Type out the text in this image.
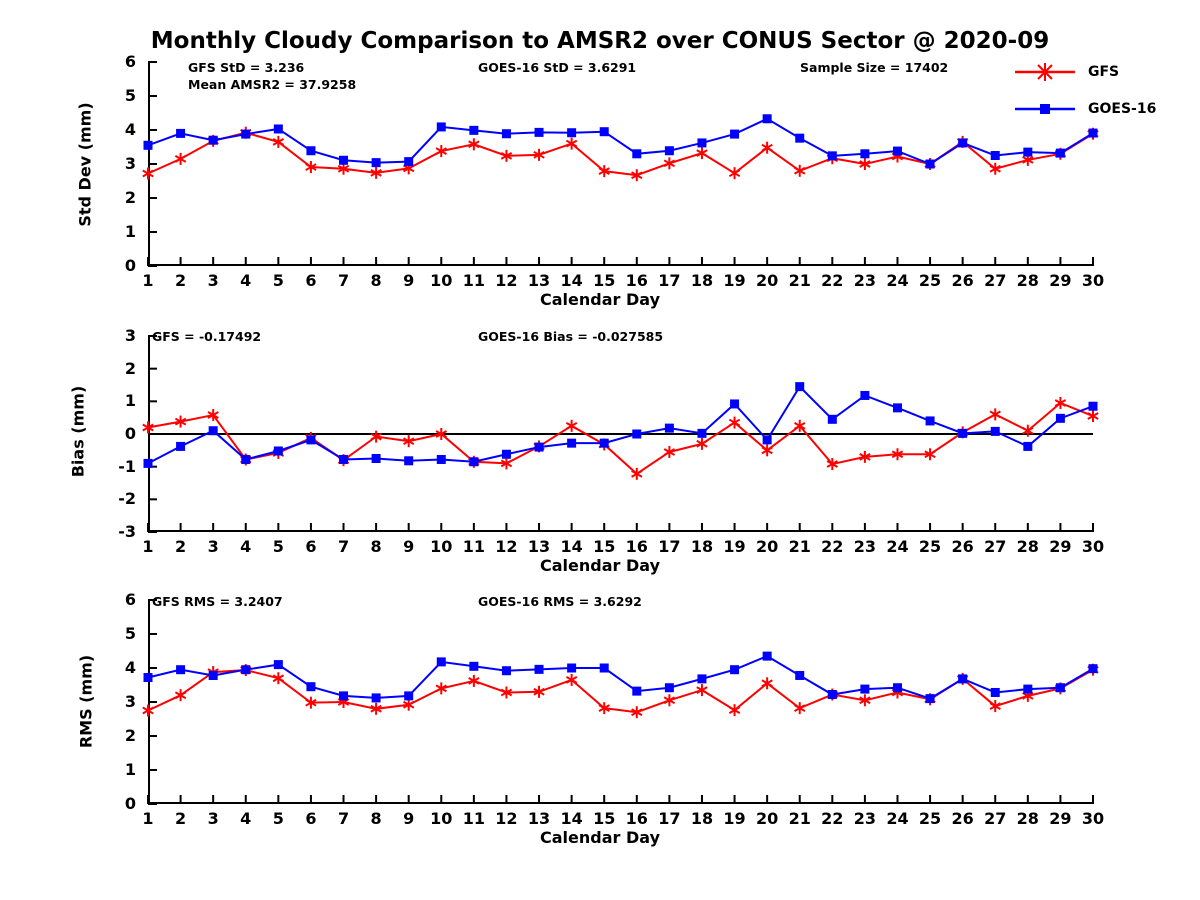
Monthly Cloudy Comparison to AMSR2 over CONUS Sector @ 2020-09
Std Dev (mm)
Calendar Day
0
1
2
3
4
5
6
1	2	3	4	5	6	7	8	9 10 11 12 13 14 15 16 17 18 19 20 21 22 23 24 25 26 27 28 29 30
GFS StD = 3.236	GOES-16 StD = 3.6291	Sample Size = 17402
Mean AMSR2 = 37.9258
GFS
GOES-16
Bias (mm)
Calendar Day
-3
-2
-1
0
1
2
3
1	2	3	4	5	6	7	8	9 10 11 12 13 14 15 16 17 18 19 20 21 22 23 24 25 26 27 28 29 30
GFS = -0.17492	GOES-16 Bias = -0.027585
RMS (mm)
Calendar Day
0
1
2
3
4
5
6
1	2	3	4	5	6	7	8	9 10 11 12 13 14 15 16 17 18 19 20 21 22 23 24 25 26 27 28 29 30
GFS RMS = 3.2407	GOES-16 RMS = 3.6292
